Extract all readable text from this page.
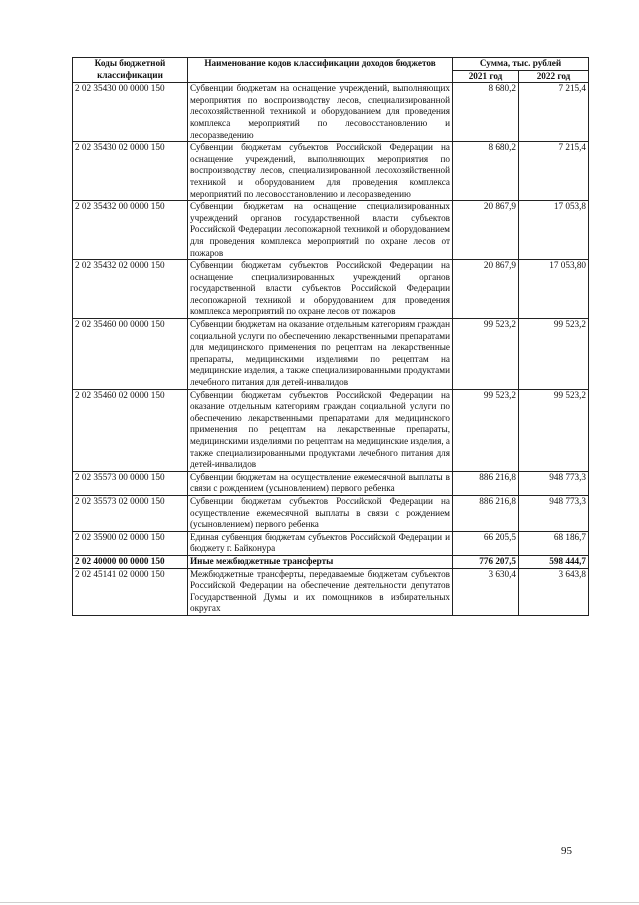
Коды бюджетной классификации	Наименование кодов классификации доходов бюджетов	Сумма, тыс. рублей	
		2021 год	2022 год
2 02 35430 00 0000 150	Субвенции бюджетам на оснащение учреждений, выполняющих мероприятия по воспроизводству лесов, специализированной лесохозяйственной техникой и оборудованием для проведения комплекса мероприятий по лесовосстановлению и лесоразведению	8 680,2	7 215,4
2 02 35430 02 0000 150	Субвенции бюджетам субъектов Российской Федерации на оснащение учреждений, выполняющих мероприятия по воспроизводству лесов, специализированной лесохозяйственной техникой и оборудованием для проведения комплекса мероприятий по лесовосстановлению и лесоразведению	8 680,2	7 215,4
2 02 35432 00 0000 150	Субвенции бюджетам на оснащение специализированных учреждений органов государственной власти субъектов Российской Федерации лесопожарной техникой и оборудованием для проведения комплекса мероприятий по охране лесов от пожаров	20 867,9	17 053,8
2 02 35432 02 0000 150	Субвенции бюджетам субъектов Российской Федерации на оснащение специализированных учреждений органов государственной власти субъектов Российской Федерации лесопожарной техникой и оборудованием для проведения комплекса мероприятий по охране лесов от пожаров	20 867,9	17 053,80
2 02 35460 00 0000 150	Субвенции бюджетам на оказание отдельным категориям граждан социальной услуги по обеспечению лекарственными препаратами для медицинского применения по рецептам на лекарственные препараты, медицинскими изделиями по рецептам на медицинские изделия, а также специализированными продуктами лечебного питания для детей-инвалидов	99 523,2	99 523,2
2 02 35460 02 0000 150	Субвенции бюджетам субъектов Российской Федерации на оказание отдельным категориям граждан социальной услуги по обеспечению лекарственными препаратами для медицинского применения по рецептам на лекарственные препараты, медицинскими изделиями по рецептам на медицинские изделия, а также специализированными продуктами лечебного питания для детей-инвалидов	99 523,2	99 523,2
2 02 35573 00 0000 150	Субвенции бюджетам на осуществление ежемесячной выплаты в связи с рождением (усыновлением) первого ребенка	886 216,8	948 773,3
2 02 35573 02 0000 150	Субвенции бюджетам субъектов Российской Федерации на осуществление ежемесячной выплаты в связи с рождением (усыновлением) первого ребенка	886 216,8	948 773,3
2 02 35900 02 0000 150	Единая субвенция бюджетам субъектов Российской Федерации и бюджету г. Байконура	66 205,5	68 186,7
2 02 40000 00 0000 150	Иные межбюджетные трансферты	776 207,5	598 444,7
2 02 45141 02 0000 150	Межбюджетные трансферты, передаваемые бюджетам субъектов Российской Федерации на обеспечение деятельности депутатов Государственной Думы и их помощников в избирательных округах	3 630,4	3 643,8
95
